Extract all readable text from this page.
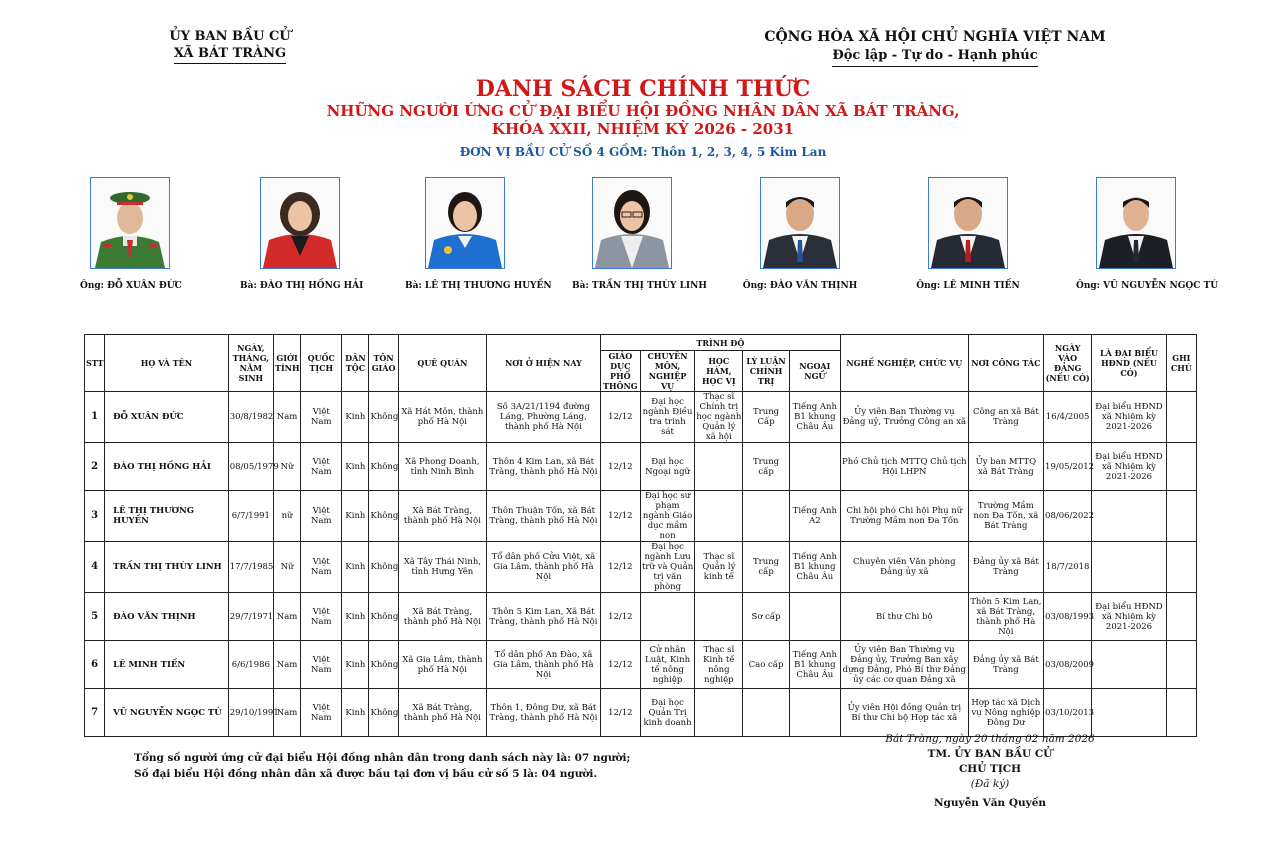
ỦY BAN BẦU CỬ
XÃ BÁT TRÀNG
CỘNG HÒA XÃ HỘI CHỦ NGHĨA VIỆT NAM
Độc lập - Tự do - Hạnh phúc
DANH SÁCH CHÍNH THỨC
NHỮNG NGƯỜI ỨNG CỬ ĐẠI BIỂU HỘI ĐỒNG NHÂN DÂN XÃ BÁT TRÀNG,
KHÓA XXII, NHIỆM KỲ 2026 - 2031
ĐƠN VỊ BẦU CỬ SỐ 4 GỒM: Thôn 1, 2, 3, 4, 5 Kim Lan
Ông: ĐỖ XUÂN ĐỨC	Bà: ĐÀO THỊ HỒNG HẢI	Bà: LÊ THỊ THƯƠNG HUYỀN Bà: TRẦN THỊ THÙY LINH	Ông: ĐÀO VĂN THỊNH	Ông: LÊ MINH TIẾN	Ông: VŨ NGUYỄN NGỌC TÚ
STT	HỌ VÀ TÊN	NGÀY, THÁNG, NĂM SINH	GIỚI TÍNH	QUỐC TỊCH	DÂN TỘC	TÔN GIÁO	QUÊ QUÁN	NƠI Ở HIỆN NAY	TRÌNH ĐỘ					NGHỀ NGHIỆP, CHỨC VỤ	NƠI CÔNG TÁC	NGÀY VÀO ĐẢNG (NẾU CÓ)	LÀ ĐẠI BIỂU HĐND (NẾU CÓ)	GHI CHÚ
									GIÁO DỤC PHỔ THÔNG	CHUYÊN MÔN, NGHIỆP VỤ	HỌC HÀM, HỌC VỊ	LÝ LUẬN CHÍNH TRỊ	NGOẠI NGỮ					
1	ĐỖ XUÂN ĐỨC	30/8/1982	Nam	Việt Nam	Kinh	Không	Xã Hát Môn, thành phố Hà Nội	Số 3A/21/1194 đường Láng, Phường Láng, thành phố Hà Nội	12/12	Đại học ngành Điều tra trinh sát	Thạc sĩ Chính trị học ngành Quản lý xã hội	Trung Cấp	Tiếng Anh B1 khung Châu Âu	Ủy viên Ban Thường vụ Đảng uỷ, Trưởng Công an xã	Công an xã Bát Tràng	16/4/2005	Đại biểu HĐND xã Nhiệm kỳ 2021-2026	
2	ĐÀO THỊ HỒNG HẢI	08/05/1979	Nữ	Việt Nam	Kinh	Không	Xã Phong Doanh, tỉnh Ninh Bình	Thôn 4 Kim Lan, xã Bát Tràng, thành phố Hà Nội	12/12	Đại học Ngoại ngữ		Trung cấp		Phó Chủ tịch MTTQ Chủ tịch Hội LHPN	Ủy ban MTTQ xã Bát Tràng	19/05/2012	Đại biểu HĐND xã Nhiệm kỳ 2021-2026	
3	LÊ THỊ THƯƠNG HUYỀN	6/7/1991	nữ	Việt Nam	Kinh	Không	Xã Bát Tràng, thành phố Hà Nội	Thôn Thuận Tốn, xã Bát Tràng, thành phố Hà Nội	12/12	Đại học sư phạm ngành Giáo dục mầm non			Tiếng Anh A2	Chi hội phó Chi hội Phụ nữ Trường Mầm non Đa Tốn	Trường Mầm non Đa Tốn, xã Bát Tràng	08/06/2022		
4	TRẦN THỊ THÙY LINH	17/7/1985	Nữ	Việt Nam	Kinh	Không	Xã Tây Thái Ninh, tỉnh Hưng Yên	Tổ dân phố Cửu Việt, xã Gia Lâm, thành phố Hà Nội	12/12	Đại học ngành Lưu trữ và Quản trị văn phòng	Thạc sĩ Quản lý kinh tế	Trung cấp	Tiếng Anh B1 khung Châu Âu	Chuyên viên Văn phòng Đảng ủy xã	Đảng ủy xã Bát Tràng	18/7/2018		
5	ĐÀO VĂN THỊNH	29/7/1971	Nam	Việt Nam	Kinh	Không	Xã Bát Tràng, thành phố Hà Nội	Thôn 5 Kim Lan, Xã Bát Tràng, thành phố Hà Nội	12/12			Sơ cấp		Bí thư Chi bộ	Thôn 5 Kim Lan, xã Bát Tràng, thành phố Hà Nội	03/08/1993	Đại biểu HĐND xã Nhiệm kỳ 2021-2026	
6	LÊ MINH TIẾN	6/6/1986	Nam	Việt Nam	Kinh	Không	Xã Gia Lâm, thành phố Hà Nội	Tổ dân phố An Đào, xã Gia Lâm, thành phố Hà Nội	12/12	Cử nhân Luật, Kinh tế nông nghiệp	Thạc sĩ Kinh tế nông nghiệp	Cao cấp	Tiếng Anh B1 khung Châu Âu	Ủy viên Ban Thường vụ Đảng ủy, Trưởng Ban xây dựng Đảng, Phó Bí thư Đảng ủy các cơ quan Đảng xã	Đảng ủy xã Bát Tràng	03/08/2009		
7	VŨ NGUYỄN NGỌC TÚ	29/10/1991	Nam	Việt Nam	Kinh	Không	Xã Bát Tràng, thành phố Hà Nội	Thôn 1, Đông Dư, xã Bát Tràng, thành phố Hà Nội	12/12	Đại học Quản Trị kinh doanh				Ủy viên Hội đồng Quản trị Bí thư Chi bộ Hợp tác xã	Hợp tác xã Dịch vụ Nông nghiệp Đông Dư	03/10/2013		
Tổng số người ứng cử đại biểu Hội đồng nhân dân trong danh sách này là: 07 người;
Số đại biểu Hội đồng nhân dân xã được bầu tại đơn vị bầu cử số 5 là: 04 người.
Bát Tràng, ngày 20 tháng 02 năm 2026
TM. ỦY BAN BẦU CỬ
CHỦ TỊCH
(Đã ký)
Nguyễn Văn Quyến
